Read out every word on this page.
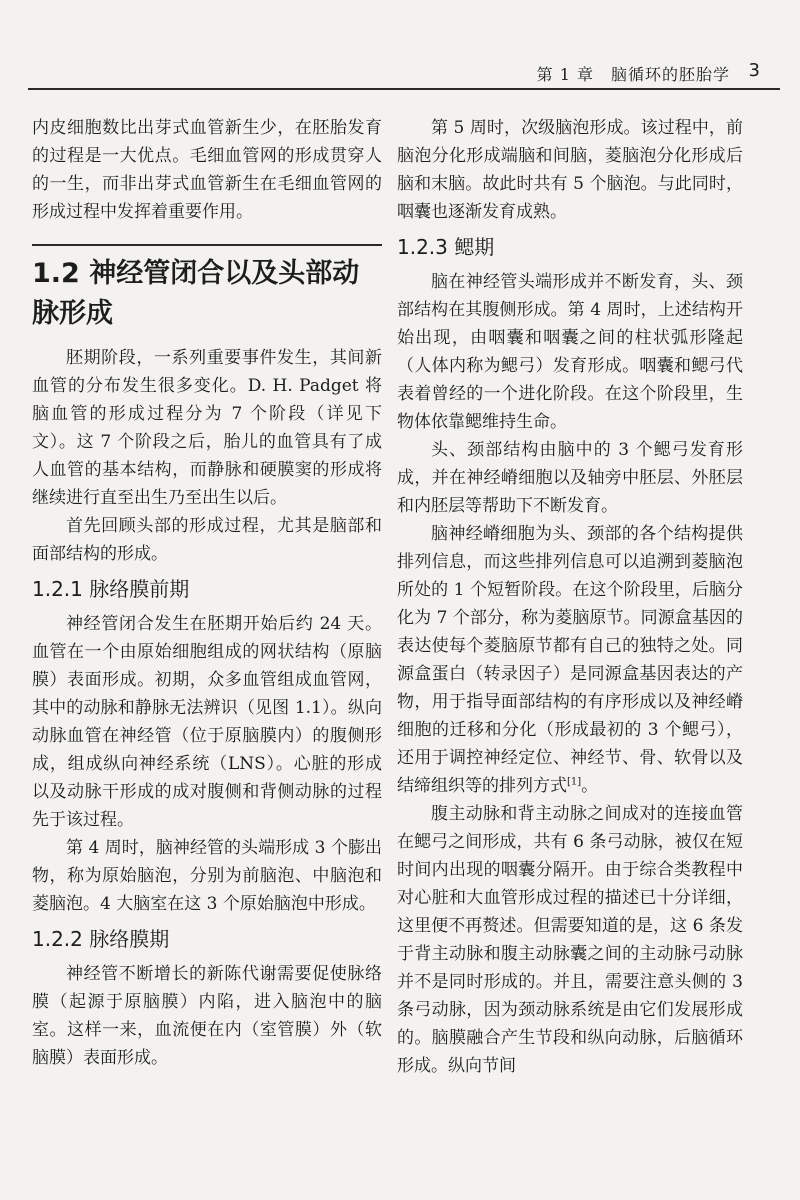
第 1 章　脑循环的胚胎学 3

内皮细胞数比出芽式血管新生少，在胚胎发育的过程是一大优点。毛细血管网的形成贯穿人的一生，而非出芽式血管新生在毛细血管网的形成过程中发挥着重要作用。

1.2 神经管闭合以及头部动脉形成

胚期阶段，一系列重要事件发生，其间新血管的分布发生很多变化。D. H. Padget 将脑血管的形成过程分为 7 个阶段（详见下文）。这 7 个阶段之后，胎儿的血管具有了成人血管的基本结构，而静脉和硬膜窦的形成将继续进行直至出生乃至出生以后。

首先回顾头部的形成过程，尤其是脑部和面部结构的形成。

1.2.1 脉络膜前期

神经管闭合发生在胚期开始后约 24 天。血管在一个由原始细胞组成的网状结构（原脑膜）表面形成。初期，众多血管组成血管网，其中的动脉和静脉无法辨识（见图 1.1）。纵向动脉血管在神经管（位于原脑膜内）的腹侧形成，组成纵向神经系统（LNS）。心脏的形成以及动脉干形成的成对腹侧和背侧动脉的过程先于该过程。

第 4 周时，脑神经管的头端形成 3 个膨出物，称为原始脑泡，分别为前脑泡、中脑泡和菱脑泡。4 大脑室在这 3 个原始脑泡中形成。

1.2.2 脉络膜期

神经管不断增长的新陈代谢需要促使脉络膜（起源于原脑膜）内陷，进入脑泡中的脑室。这样一来，血流便在内（室管膜）外（软脑膜）表面形成。

第 5 周时，次级脑泡形成。该过程中，前脑泡分化形成端脑和间脑，菱脑泡分化形成后脑和末脑。故此时共有 5 个脑泡。与此同时，咽囊也逐渐发育成熟。

1.2.3 鳃期

脑在神经管头端形成并不断发育，头、颈部结构在其腹侧形成。第 4 周时，上述结构开始出现，由咽囊和咽囊之间的柱状弧形隆起（人体内称为鳃弓）发育形成。咽囊和鳃弓代表着曾经的一个进化阶段。在这个阶段里，生物体依靠鳃维持生命。

头、颈部结构由脑中的 3 个鳃弓发育形成，并在神经嵴细胞以及轴旁中胚层、外胚层和内胚层等帮助下不断发育。

脑神经嵴细胞为头、颈部的各个结构提供排列信息，而这些排列信息可以追溯到菱脑泡所处的 1 个短暂阶段。在这个阶段里，后脑分化为 7 个部分，称为菱脑原节。同源盒基因的表达使每个菱脑原节都有自己的独特之处。同源盒蛋白（转录因子）是同源盒基因表达的产物，用于指导面部结构的有序形成以及神经嵴细胞的迁移和分化（形成最初的 3 个鳃弓），还用于调控神经定位、神经节、骨、软骨以及结缔组织等的排列方式[1]。

腹主动脉和背主动脉之间成对的连接血管在鳃弓之间形成，共有 6 条弓动脉，被仅在短时间内出现的咽囊分隔开。由于综合类教程中对心脏和大血管形成过程的描述已十分详细，这里便不再赘述。但需要知道的是，这 6 条发于背主动脉和腹主动脉囊之间的主动脉弓动脉并不是同时形成的。并且，需要注意头侧的 3 条弓动脉，因为颈动脉系统是由它们发展形成的。脑膜融合产生节段和纵向动脉，后脑循环形成。纵向节间
